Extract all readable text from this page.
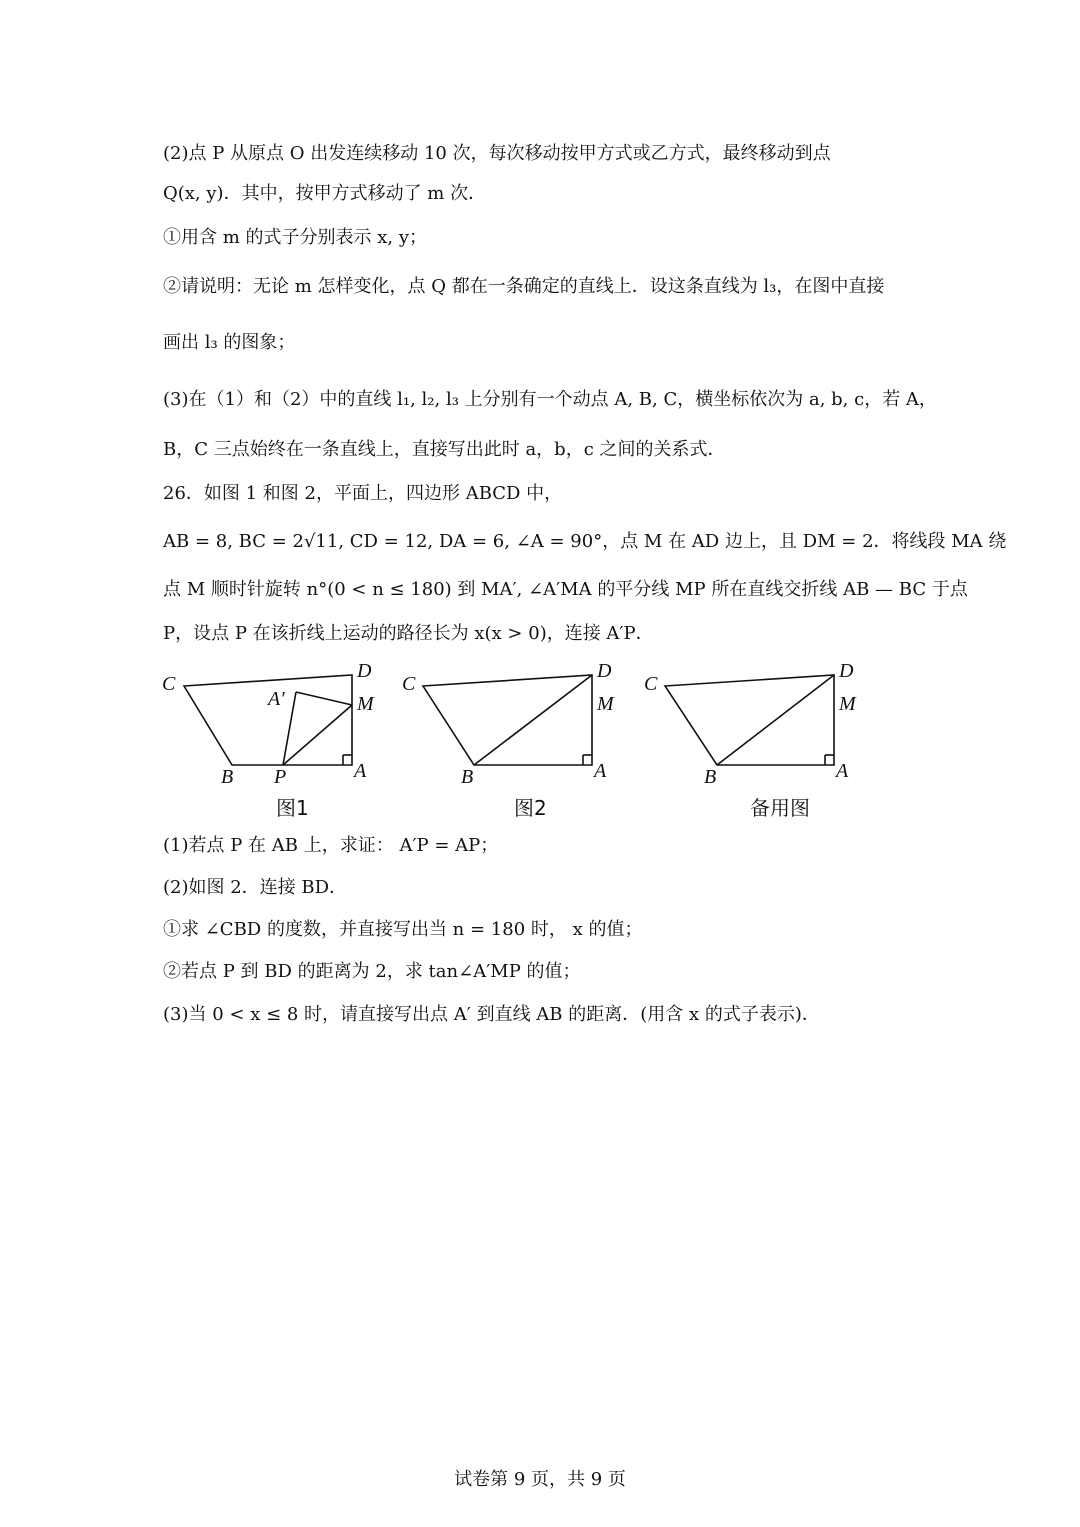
(2)点 P 从原点 O 出发连续移动 10 次，每次移动按甲方式或乙方式，最终移动到点
Q(x, y)．其中，按甲方式移动了 m 次．
①用含 m 的式子分别表示 x, y；
②请说明：无论 m 怎样变化，点 Q 都在一条确定的直线上．设这条直线为 l₃，在图中直接
画出 l₃ 的图象；
(3)在（1）和（2）中的直线 l₁, l₂, l₃ 上分别有一个动点 A, B, C，横坐标依次为 a, b, c，若 A，
B，C 三点始终在一条直线上，直接写出此时 a，b，c 之间的关系式．
26．如图 1 和图 2，平面上，四边形 ABCD 中，
AB = 8, BC = 2√11, CD = 12, DA = 6, ∠A = 90°，点 M 在 AD 边上，且 DM = 2．将线段 MA 绕
点 M 顺时针旋转 n°(0 < n ≤ 180) 到 MA′, ∠A′MA 的平分线 MP 所在直线交折线 AB — BC 于点
P，设点 P 在该折线上运动的路径长为 x(x > 0)，连接 A′P．
C
D
A′	M
B P	A
C
D
M
B	A
C
D
M
B	A
图1	图2	备用图
(1)若点 P 在 AB 上，求证： A′P = AP；
(2)如图 2．连接 BD．
①求 ∠CBD 的度数，并直接写出当 n = 180 时， x 的值；
②若点 P 到 BD 的距离为 2，求 tan∠A′MP 的值；
(3)当 0 < x ≤ 8 时，请直接写出点 A′ 到直线 AB 的距离．(用含 x 的式子表示)．
试卷第 9 页，共 9 页
